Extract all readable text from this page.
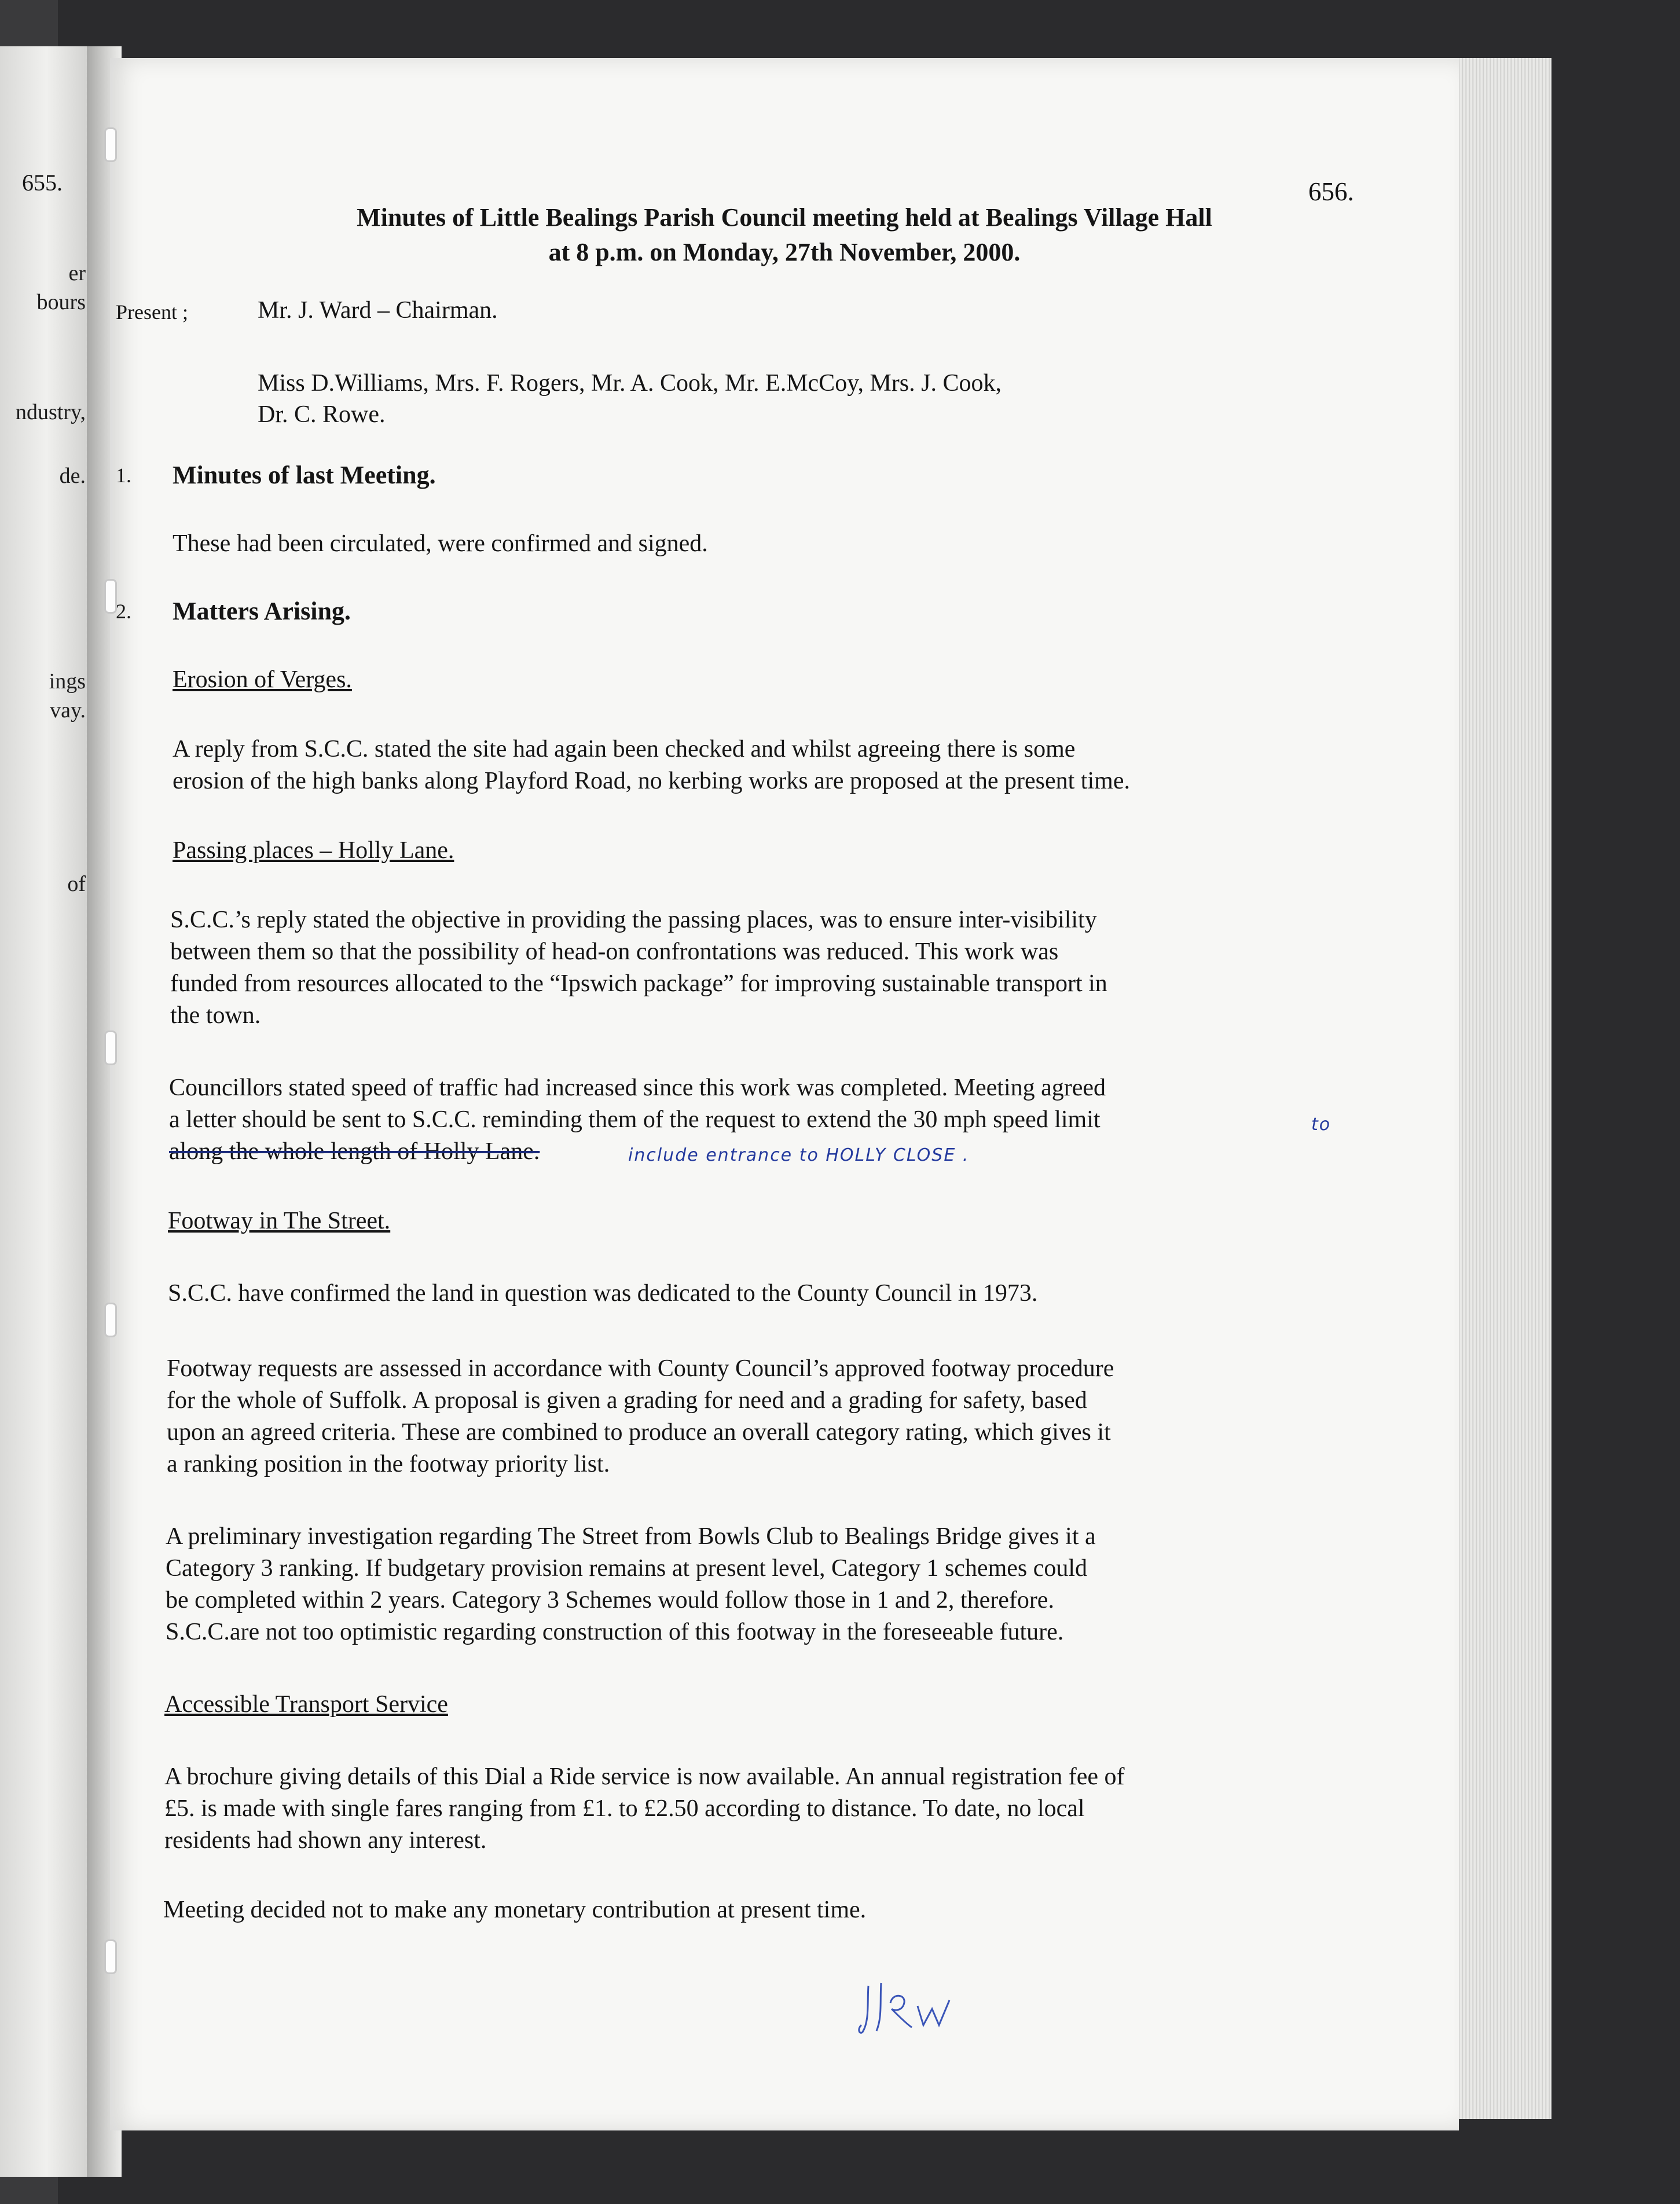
655.
er
bours
ndustry,
de.
ings
vay.
of
656.
Minutes of Little Bealings Parish Council meeting held at Bealings Village Hall
at 8 p.m. on Monday, 27th November, 2000.
Present ;	Mr. J. Ward – Chairman.
Miss D.Williams, Mrs. F. Rogers, Mr. A. Cook, Mr. E.McCoy, Mrs. J. Cook,
Dr. C. Rowe.
1. Minutes of last Meeting.
These had been circulated, were confirmed and signed.
2. Matters Arising.
Erosion of Verges.
A reply from S.C.C. stated the site had again been checked and whilst agreeing there is some
erosion of the high banks along Playford Road, no kerbing works are proposed at the present time.
Passing places – Holly Lane.
S.C.C.’s reply stated the objective in providing the passing places, was to ensure inter-visibility
between them so that the possibility of head-on confrontations was reduced. This work was
funded from resources allocated to the “Ipswich package” for improving sustainable transport in
the town.
Councillors stated speed of traffic had increased since this work was completed. Meeting agreed
a letter should be sent to S.C.C. reminding them of the request to extend the 30 mph speed limit	to
along the whole length of Holly Lane.	include entrance to HOLLY CLOSE .
Footway in The Street.
S.C.C. have confirmed the land in question was dedicated to the County Council in 1973.
Footway requests are assessed in accordance with County Council’s approved footway procedure
for the whole of Suffolk. A proposal is given a grading for need and a grading for safety, based
upon an agreed criteria. These are combined to produce an overall category rating, which gives it
a ranking position in the footway priority list.
A preliminary investigation regarding The Street from Bowls Club to Bealings Bridge gives it a
Category 3 ranking. If budgetary provision remains at present level, Category 1 schemes could
be completed within 2 years. Category 3 Schemes would follow those in 1 and 2, therefore.
S.C.C.are not too optimistic regarding construction of this footway in the foreseeable future.
Accessible Transport Service
A brochure giving details of this Dial a Ride service is now available. An annual registration fee of
£5. is made with single fares ranging from £1. to £2.50 according to distance. To date, no local
residents had shown any interest.
Meeting decided not to make any monetary contribution at present time.
